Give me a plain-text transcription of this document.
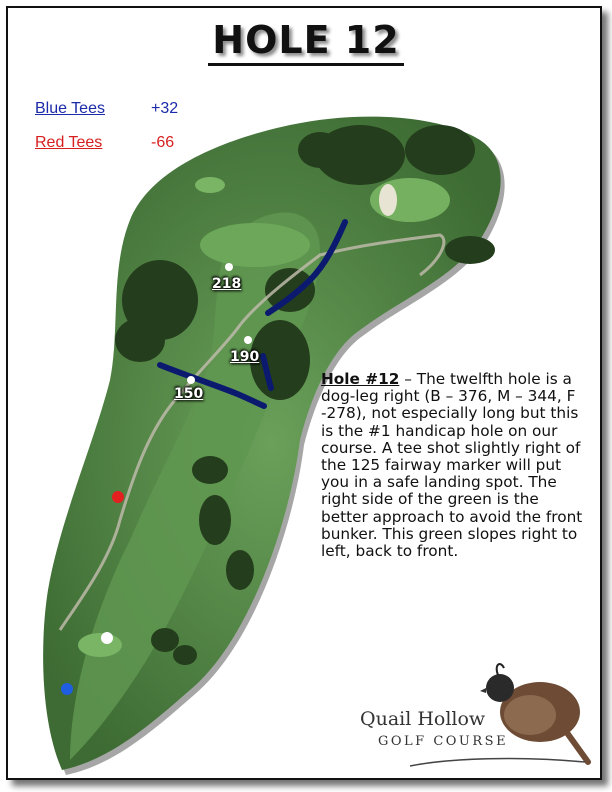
HOLE 12
Blue Tees	+32
Red Tees	-66
218
190
150
Hole #12 – The twelfth hole is a dog-leg right (B – 376, M – 344, F -278), not especially long but this is the #1 handicap hole on our course. A tee shot slightly right of the 125 fairway marker will put you in a safe landing spot. The right side of the green is the better approach to avoid the front bunker. This green slopes right to left, back to front.
Quail Hollow
GOLF COURSE
